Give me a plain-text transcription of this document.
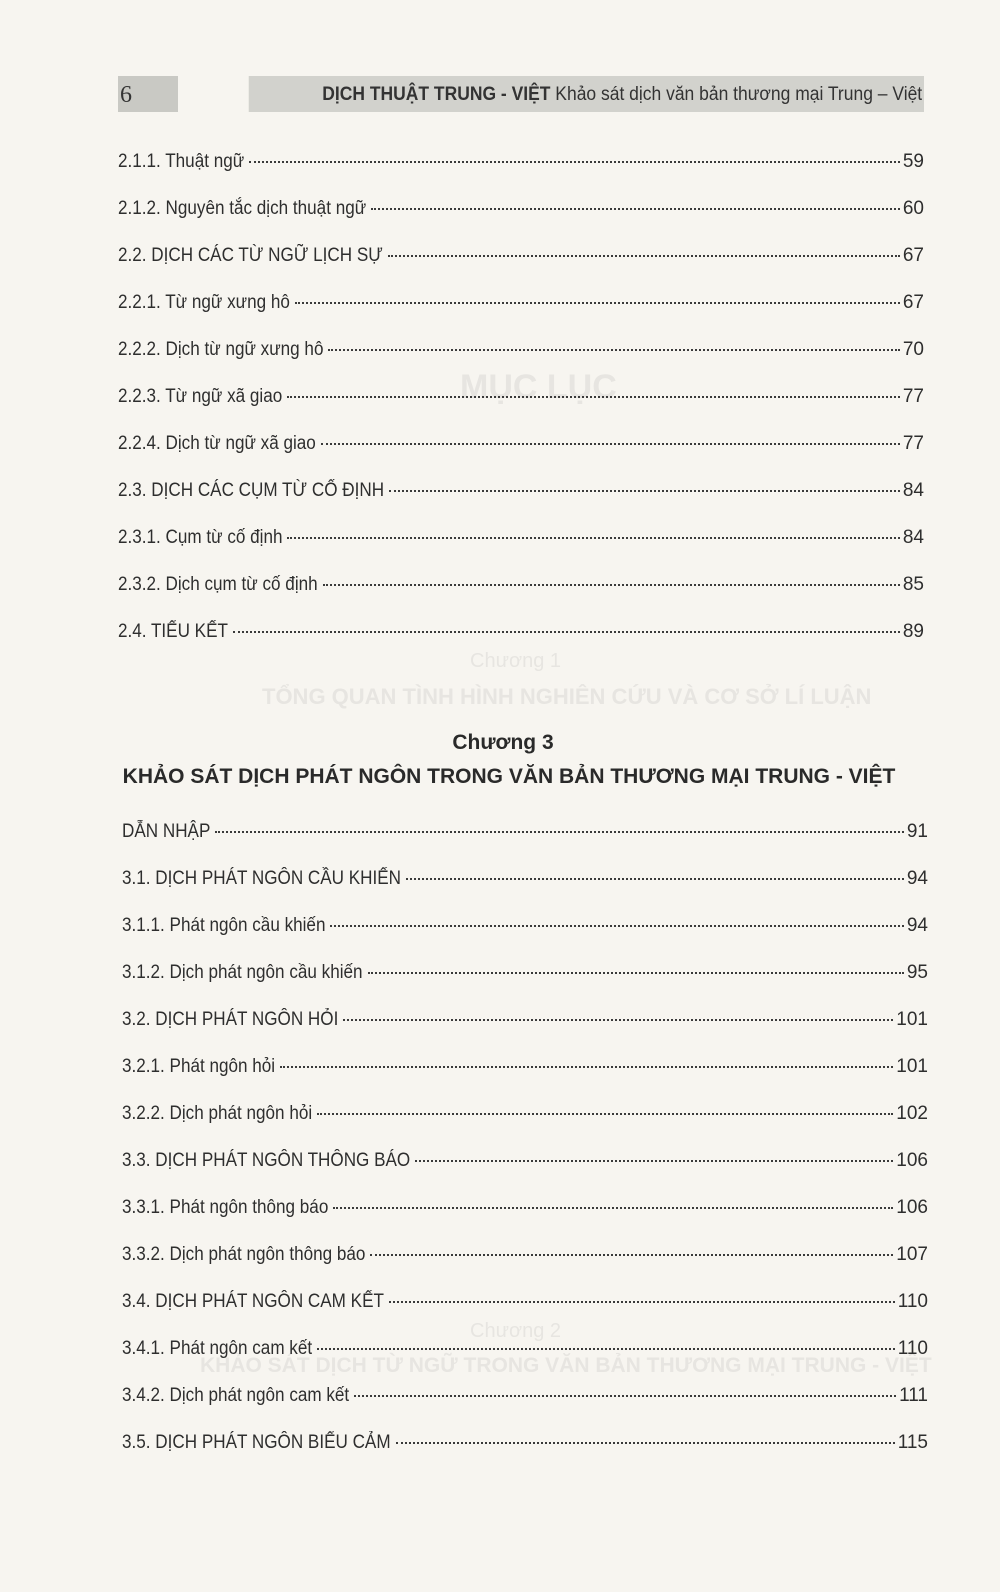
MỤC LỤC
Chương 1
TỔNG QUAN TÌNH HÌNH NGHIÊN CỨU VÀ CƠ SỞ LÍ LUẬN
Chương 2
KHẢO SÁT DỊCH TỪ NGỮ TRONG VĂN BẢN THƯƠNG MẠI TRUNG - VIỆT
6	DỊCH THUẬT TRUNG - VIỆT Khảo sát dịch văn bản thương mại Trung – Việt
2.1.1. Thuật ngữ	59
2.1.2. Nguyên tắc dịch thuật ngữ	60
2.2. DỊCH CÁC TỪ NGỮ LỊCH SỰ	67
2.2.1. Từ ngữ xưng hô	67
2.2.2. Dịch từ ngữ xưng hô	70
2.2.3. Từ ngữ xã giao	77
2.2.4. Dịch từ ngữ xã giao	77
2.3. DỊCH CÁC CỤM TỪ CỐ ĐỊNH	84
2.3.1. Cụm từ cố định	84
2.3.2. Dịch cụm từ cố định	85
2.4. TIỂU KẾT	89
Chương 3
KHẢO SÁT DỊCH PHÁT NGÔN TRONG VĂN BẢN THƯƠNG MẠI TRUNG - VIỆT
DẪN NHẬP	91
3.1. DỊCH PHÁT NGÔN CẦU KHIẾN	94
3.1.1. Phát ngôn cầu khiến	94
3.1.2. Dịch phát ngôn cầu khiến	95
3.2. DỊCH PHÁT NGÔN HỎI	101
3.2.1. Phát ngôn hỏi	101
3.2.2. Dịch phát ngôn hỏi	102
3.3. DỊCH PHÁT NGÔN THÔNG BÁO	106
3.3.1. Phát ngôn thông báo	106
3.3.2. Dịch phát ngôn thông báo	107
3.4. DỊCH PHÁT NGÔN CAM KẾT	110
3.4.1. Phát ngôn cam kết	110
3.4.2. Dịch phát ngôn cam kết	111
3.5. DỊCH PHÁT NGÔN BIỂU CẢM	115
